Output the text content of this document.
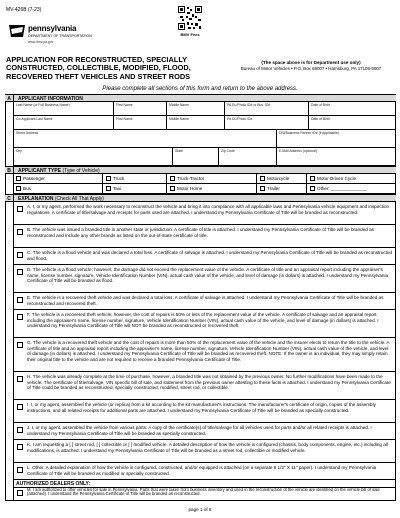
MV-426B (7-23)
pennsylvania
DEPARTMENT OF TRANSPORTATION
www.dmv.pa.gov
BMV Fees
APPLICATION FOR RECONSTRUCTED, SPECIALLY CONSTRUCTED, COLLECTIBLE, MODIFIED, FLOOD, RECOVERED THEFT VEHICLES AND STREET RODS
(The space above is for Department use only)
Bureau of Motor Vehicles • P.O. Box 69007 • Harrisburg, PA 17106-9007
Please complete all sections of this form and return to the above address.
A	APPLICANT INFORMATION
Last Name (or Full Business Name)	First Name	Middle Name	PA DL/Photo ID# or Bus. ID#	Date of Birth
Co-Applicant Last Name	First Name	Middle Name	PA DL/Photo ID#	Date of Birth
Street Address	DBI/Business Partner ID# (if Applicable)
City	State	Zip Code	E-Mail Address (optional)
B	APPLICANT TYPE (Type of Vehicle)
Passenger	Truck	Truck-Tractor	Motorcycle	Motor Driven Cycle
Bus	Taxi	Motor Home	Trailer	Other: ______________
C	EXPLANATION (Check All That Apply)
A. I, or my agent, performed the work necessary to reconstruct the vehicle and bring it into compliance with all applicable laws and Pennsylvania vehicle equipment and inspection regulations. A certificate of title/salvage and receipts for parts used are attached. I understand my Pennsylvania Certificate of Title will be branded as reconstructed.
B. The vehicle was issued a branded title in another state or jurisdiction. A certificate of title is attached. I understand my Pennsylvania Certificate of Title will be branded as reconstructed and include any other brands as listed on the out-of-state certificate of title.
C. The vehicle is a flood vehicle and was declared a total loss. A certificate of salvage is attached. I understand my Pennsylvania Certificate of Title will be branded as reconstructed and flood.
D. The vehicle is a flood vehicle; however, the damage did not exceed the replacement value of the vehicle. A certificate of title and an appraisal report including the appraiser's name, license number, signature, Vehicle Identification Number (VIN), actual cash value of the vehicle, and level of damage (in dollars) is attached. I understand my Pennsylvania Certificate of Title will be branded as flood.
E. The vehicle is a recovered theft vehicle and was declared a total loss. A certificate of salvage is attached. I understand my Pennsylvania Certificate of Title will be branded as reconstructed and recovered theft.
F. The vehicle is a recovered theft vehicle; however, the cost of repairs is 50% or less of the replacement value of the vehicle. A certificate of salvage and an appraisal report including the appraiser's name, license number, signature, Vehicle Identification Number (VIN), actual cash value of the vehicle, and level of damage (in dollars) is attached. I understand my Pennsylvania Certificate of Title will NOT be branded as reconstructed or recovered theft.
G. The vehicle is a recovered theft vehicle and the cost of repairs is more than 50% of the replacement value of the vehicle and the insurer elects to return the title to the vehicle. A certificate of title and an appraisal report including the appraiser's name, license number, signature, Vehicle Identification Number (VIN), actual cash value of the vehicle, and level of damage (in dollars) is attached. I understand my Pennsylvania Certificate of Title will be branded as recovered theft. NOTE: If the owner is an individual, they may simply retain their original title to the vehicle and are not required to receive a branded Pennsylvania Certificate of Title.
H. The vehicle was already complete at the time of purchase, however, a branded title was not obtained by the previous owner. No further modifications have been made to the vehicle. The certificate of title/salvage, VIN specific bill of sale, and statement from the previous owner attesting to these facts is attached. I understand my Pennsylvania Certificate of Title could be branded as reconstructed, specially constructed, modified, street rod, or collectible.
I. I, or my agent, assembled the vehicle (or replica) from a kit according to the kit manufacturer's instructions. The manufacturer's certificate of origin, copies of the assembly instructions, and all related receipts for additional parts are attached. I understand my Pennsylvania Certificate of Title will be branded as specially constructed.
J. I, or my agent, assembled the vehicle from various parts. A copy of the certificate(s) of title/salvage for all vehicles used for parts and/or all related receipts is attached. I understand my Pennsylvania Certificate of Title will be branded as specially constructed.
K. I am requesting a [ ] street rod, [ ] collectible or [ ] modified vehicle. A detailed description of how the vehicle is configured (chassis, body components, engine, etc.) including all modifications, is attached. I understand my Pennsylvania Certificate of Title will be branded as a street rod, collectible or modified vehicle.
L. Other. A detailed explanation of how the vehicle is configured, constructed, and/or equipped is attached (on a separate 8 1/2" X 11" paper). I understand my Pennsylvania Certificate of Title will be branded as modified or specially constructed.
AUTHORIZED DEALERS ONLY:
M. I am authorized to offer vehicles for sale in Pennsylvania. Parts that were taken from business inventory and used in the reconstruction of the vehicle are identified on the vehicle bill of sale (attached). I understand the Pennsylvania Certificate of Title will be branded as reconstructed.
page 1 of 6
